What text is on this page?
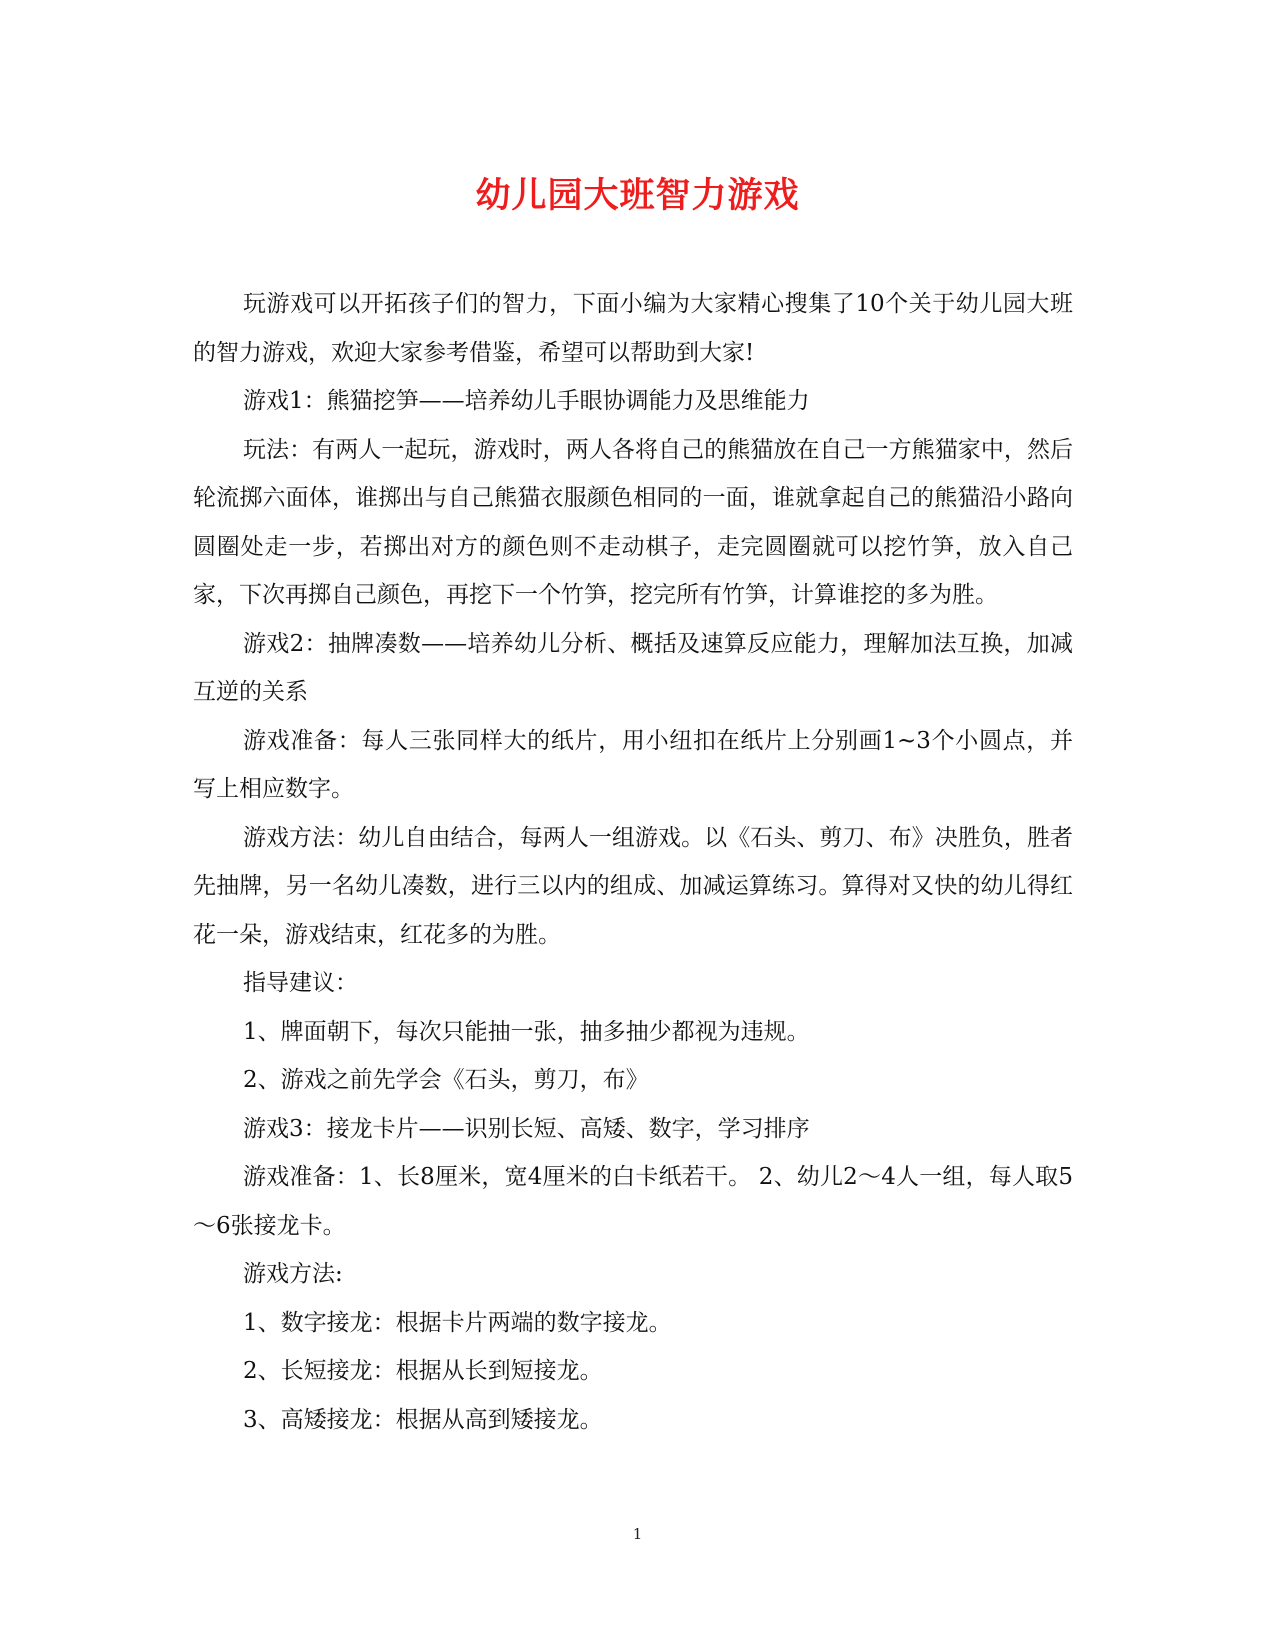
幼儿园大班智力游戏

玩游戏可以开拓孩子们的智力，下面小编为大家精心搜集了10个关于幼儿园大班的智力游戏，欢迎大家参考借鉴，希望可以帮助到大家!

游戏1：熊猫挖笋——培养幼儿手眼协调能力及思维能力

玩法：有两人一起玩，游戏时，两人各将自己的熊猫放在自己一方熊猫家中，然后轮流掷六面体，谁掷出与自己熊猫衣服颜色相同的一面，谁就拿起自己的熊猫沿小路向圆圈处走一步，若掷出对方的颜色则不走动棋子，走完圆圈就可以挖竹笋，放入自己家，下次再掷自己颜色，再挖下一个竹笋，挖完所有竹笋，计算谁挖的多为胜。

游戏2：抽牌凑数——培养幼儿分析、概括及速算反应能力，理解加法互换，加减互逆的关系

游戏准备：每人三张同样大的纸片，用小纽扣在纸片上分别画1~3个小圆点，并写上相应数字。

游戏方法：幼儿自由结合，每两人一组游戏。以《石头、剪刀、布》决胜负，胜者先抽牌，另一名幼儿凑数，进行三以内的组成、加减运算练习。算得对又快的幼儿得红花一朵，游戏结束，红花多的为胜。

指导建议：

1、牌面朝下，每次只能抽一张，抽多抽少都视为违规。

2、游戏之前先学会《石头，剪刀，布》

游戏3：接龙卡片——识别长短、高矮、数字，学习排序

游戏准备：1、长8厘米，宽4厘米的白卡纸若干。 2、幼儿2～4人一组，每人取5～6张接龙卡。

游戏方法:

1、数字接龙：根据卡片两端的数字接龙。

2、长短接龙：根据从长到短接龙。

3、高矮接龙：根据从高到矮接龙。

1
